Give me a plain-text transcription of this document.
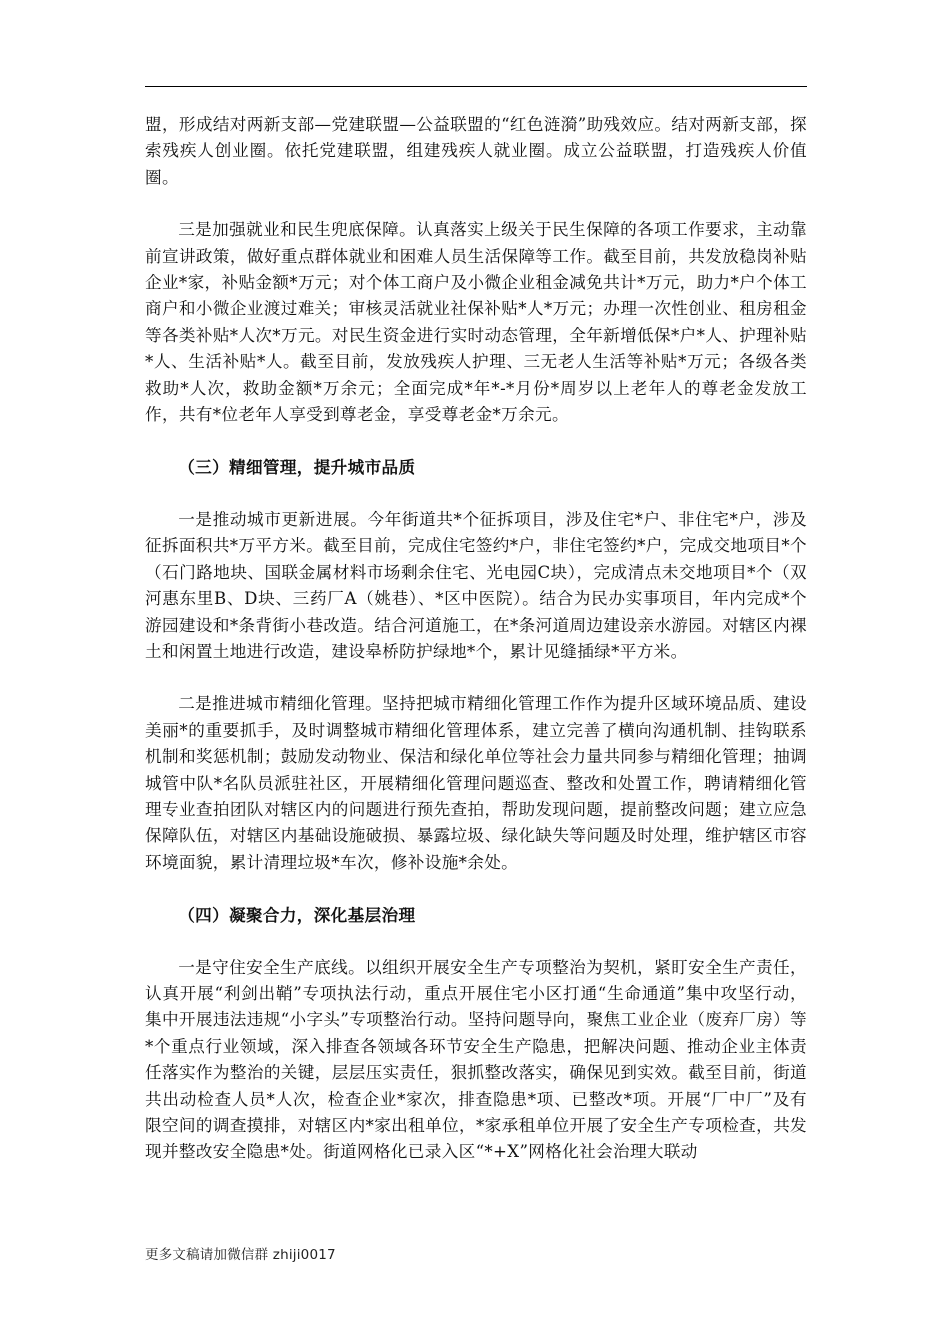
盟，形成结对两新支部—党建联盟—公益联盟的“红色涟漪”助残效应。结对两新支部，探索残疾人创业圈。依托党建联盟，组建残疾人就业圈。成立公益联盟，打造残疾人价值圈。

三是加强就业和民生兜底保障。认真落实上级关于民生保障的各项工作要求，主动靠前宣讲政策，做好重点群体就业和困难人员生活保障等工作。截至目前，共发放稳岗补贴企业*家，补贴金额*万元；对个体工商户及小微企业租金减免共计*万元，助力*户个体工商户和小微企业渡过难关；审核灵活就业社保补贴*人*万元；办理一次性创业、租房租金等各类补贴*人次*万元。对民生资金进行实时动态管理，全年新增低保*户*人、护理补贴*人、生活补贴*人。截至目前，发放残疾人护理、三无老人生活等补贴*万元；各级各类救助*人次，救助金额*万余元；全面完成*年*-*月份*周岁以上老年人的尊老金发放工作，共有*位老年人享受到尊老金，享受尊老金*万余元。

（三）精细管理，提升城市品质

一是推动城市更新进展。今年街道共*个征拆项目，涉及住宅*户、非住宅*户，涉及征拆面积共*万平方米。截至目前，完成住宅签约*户，非住宅签约*户，完成交地项目*个（石门路地块、国联金属材料市场剩余住宅、光电园C块），完成清点未交地项目*个（双河惠东里B、D块、三药厂A（姚巷）、*区中医院）。结合为民办实事项目，年内完成*个游园建设和*条背街小巷改造。结合河道施工，在*条河道周边建设亲水游园。对辖区内裸土和闲置土地进行改造，建设皋桥防护绿地*个，累计见缝插绿*平方米。

二是推进城市精细化管理。坚持把城市精细化管理工作作为提升区域环境品质、建设美丽*的重要抓手，及时调整城市精细化管理体系，建立完善了横向沟通机制、挂钩联系机制和奖惩机制；鼓励发动物业、保洁和绿化单位等社会力量共同参与精细化管理；抽调城管中队*名队员派驻社区，开展精细化管理问题巡查、整改和处置工作，聘请精细化管理专业查拍团队对辖区内的问题进行预先查拍，帮助发现问题，提前整改问题；建立应急保障队伍，对辖区内基础设施破损、暴露垃圾、绿化缺失等问题及时处理，维护辖区市容环境面貌，累计清理垃圾*车次，修补设施*余处。

（四）凝聚合力，深化基层治理

一是守住安全生产底线。以组织开展安全生产专项整治为契机，紧盯安全生产责任，认真开展“利剑出鞘”专项执法行动，重点开展住宅小区打通“生命通道”集中攻坚行动，集中开展违法违规“小字头”专项整治行动。坚持问题导向，聚焦工业企业（废弃厂房）等*个重点行业领域，深入排查各领域各环节安全生产隐患，把解决问题、推动企业主体责任落实作为整治的关键，层层压实责任，狠抓整改落实，确保见到实效。截至目前，街道共出动检查人员*人次，检查企业*家次，排查隐患*项、已整改*项。开展“厂中厂”及有限空间的调查摸排，对辖区内*家出租单位，*家承租单位开展了安全生产专项检查，共发现并整改安全隐患*处。街道网格化已录入区“*+X”网格化社会治理大联动

更多文稿请加微信群 zhiji0017
